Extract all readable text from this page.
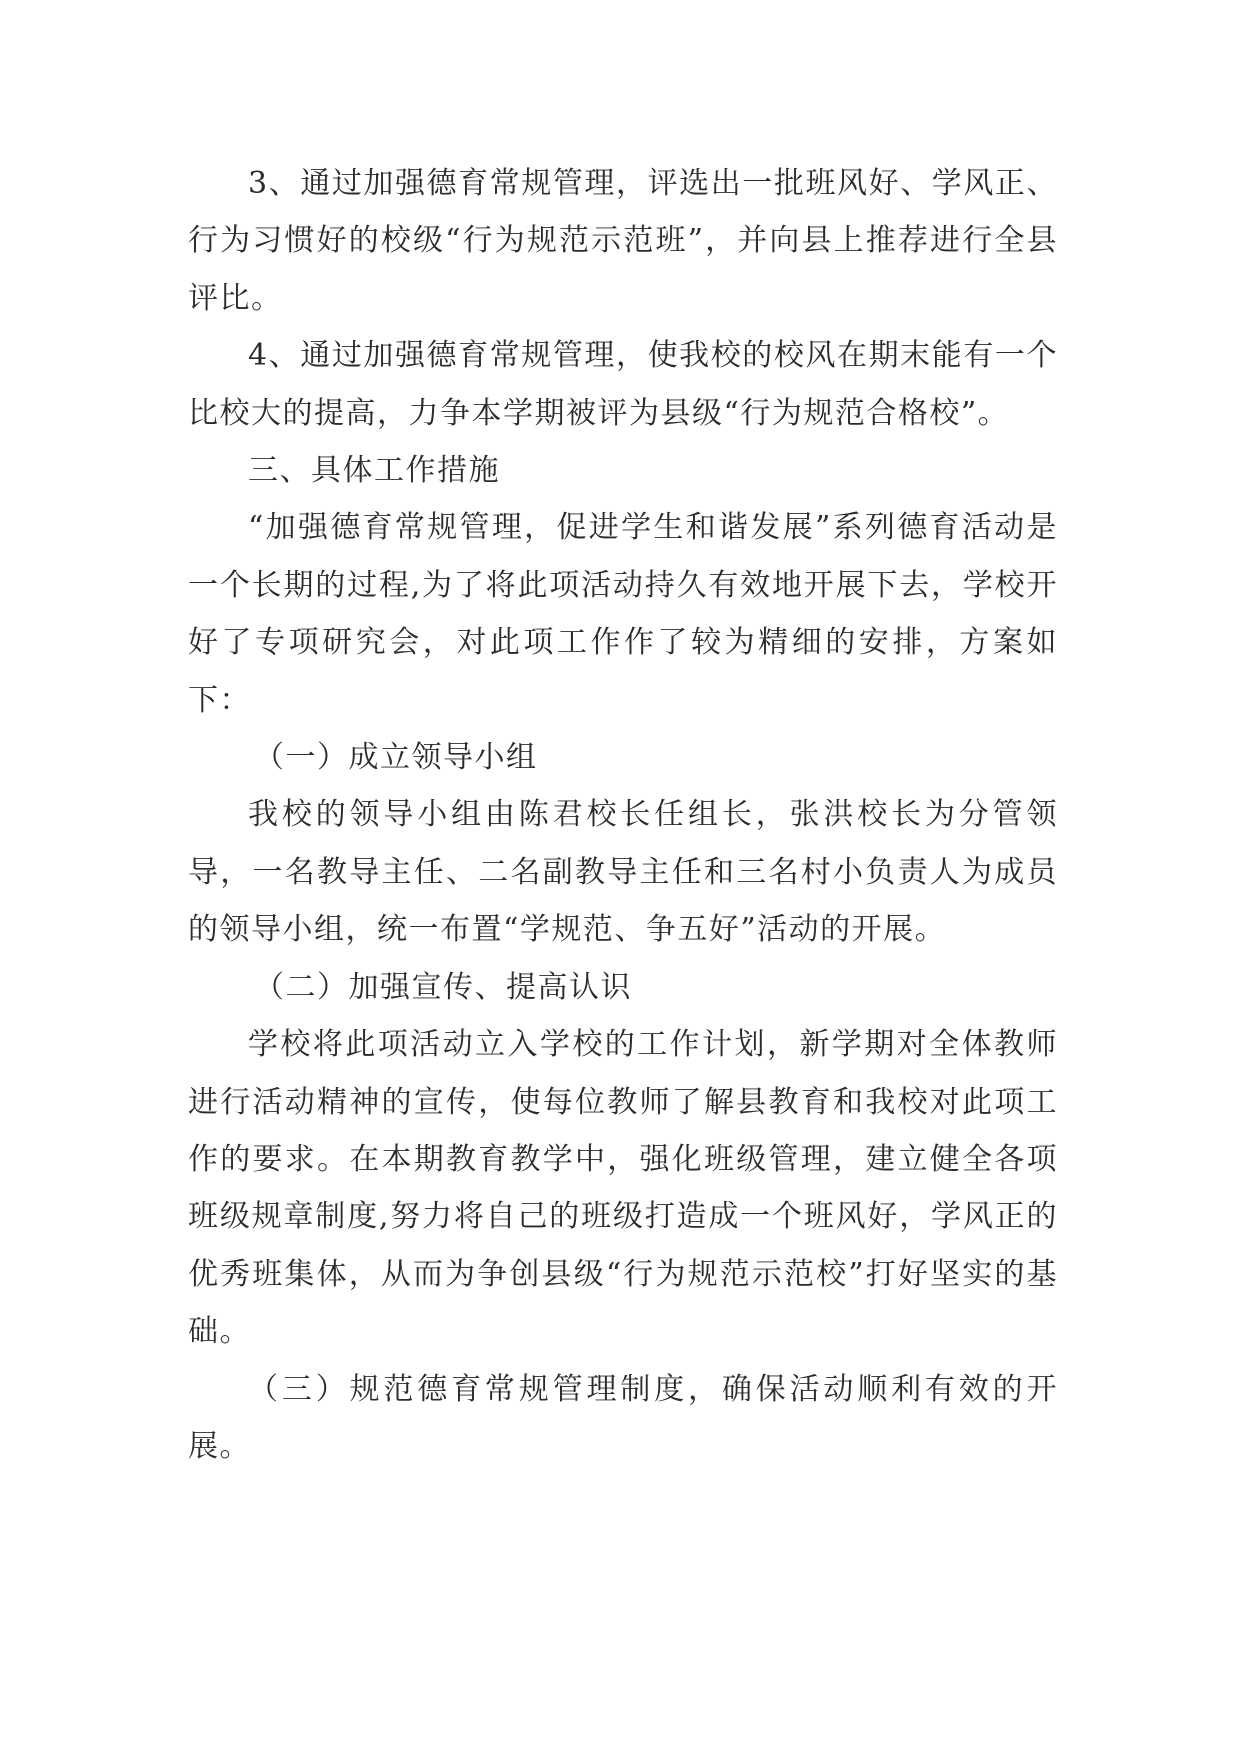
3、通过加强德育常规管理，评选出一批班风好、学风正、行为习惯好的校级“行为规范示范班”，并向县上推荐进行全县评比。

4、通过加强德育常规管理，使我校的校风在期末能有一个比校大的提高，力争本学期被评为县级“行为规范合格校”。

三、具体工作措施

“加强德育常规管理，促进学生和谐发展”系列德育活动是一个长期的过程,为了将此项活动持久有效地开展下去，学校开好了专项研究会，对此项工作作了较为精细的安排，方案如下：

（一）成立领导小组

我校的领导小组由陈君校长任组长，张洪校长为分管领导，一名教导主任、二名副教导主任和三名村小负责人为成员的领导小组，统一布置“学规范、争五好”活动的开展。

（二）加强宣传、提高认识

学校将此项活动立入学校的工作计划，新学期对全体教师进行活动精神的宣传，使每位教师了解县教育和我校对此项工作的要求。在本期教育教学中，强化班级管理，建立健全各项班级规章制度,努力将自己的班级打造成一个班风好，学风正的优秀班集体，从而为争创县级“行为规范示范校”打好坚实的基础。

（三）规范德育常规管理制度，确保活动顺利有效的开展。
